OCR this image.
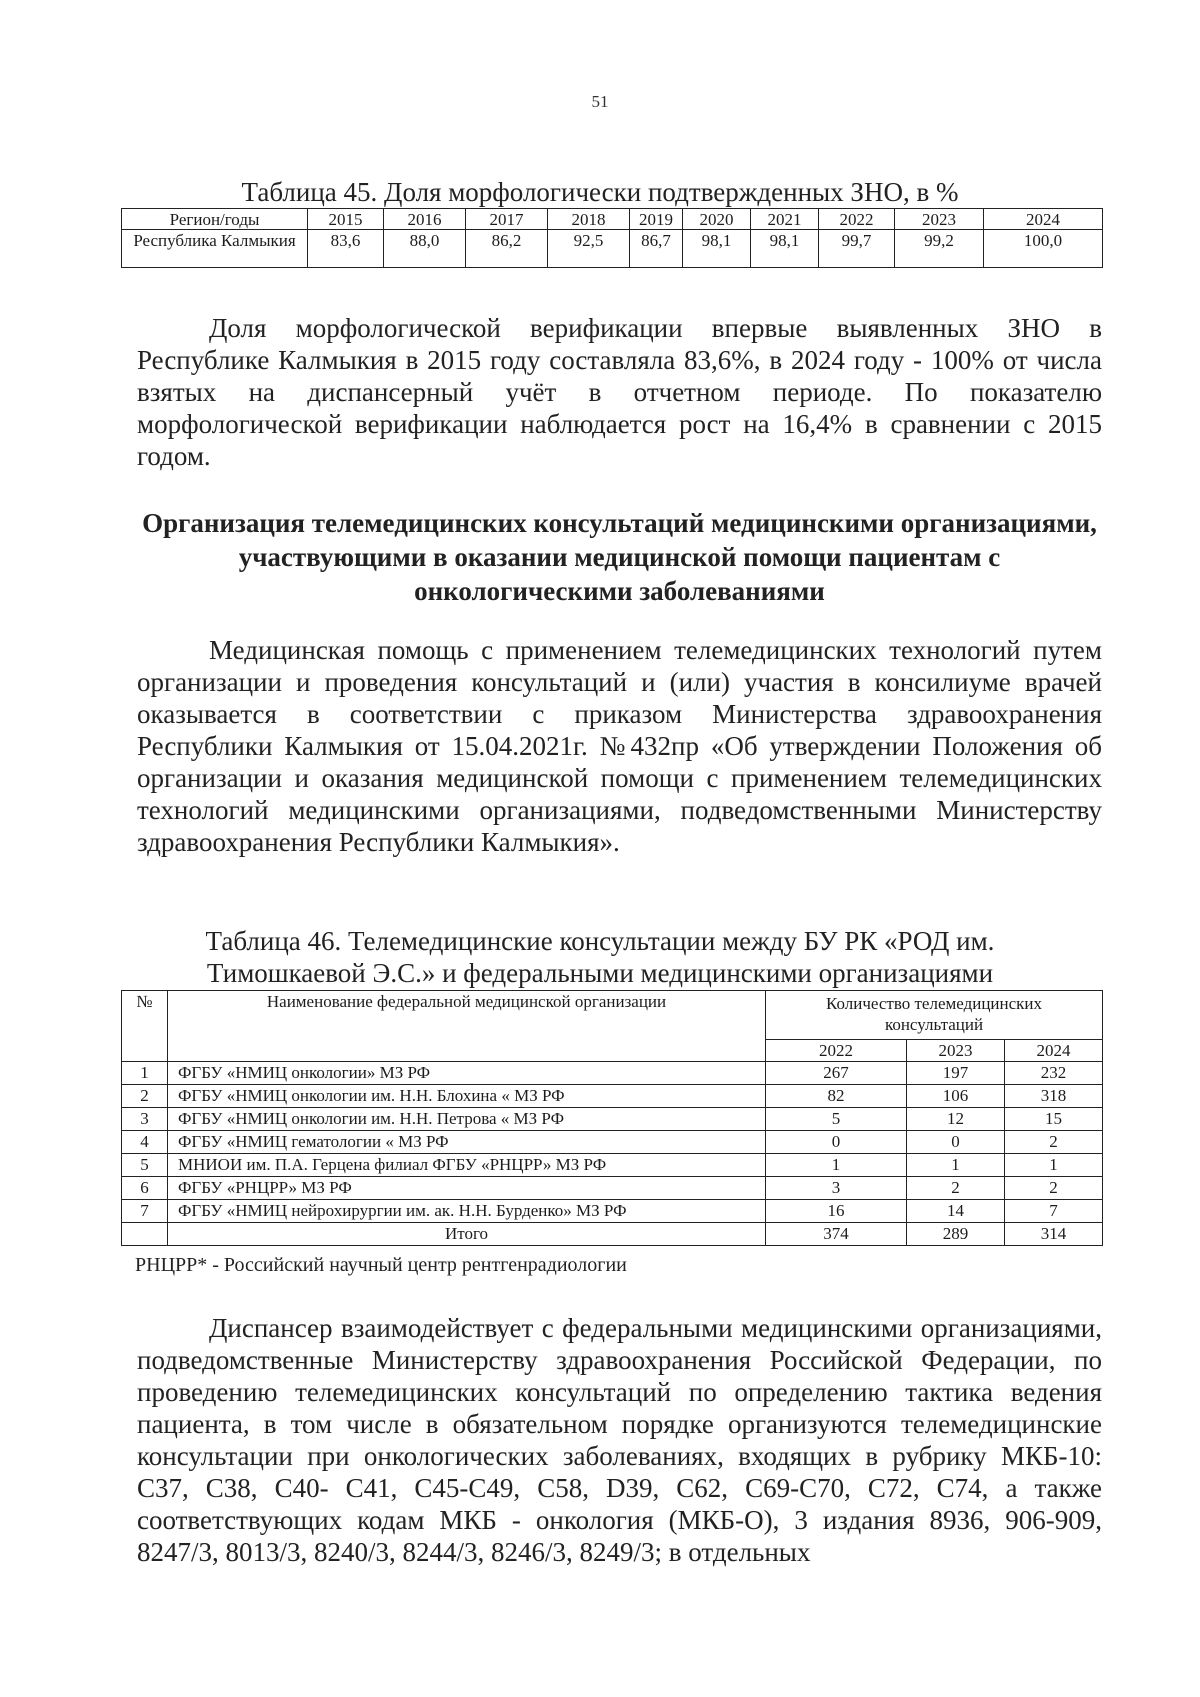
51
Таблица 45. Доля морфологически подтвержденных ЗНО, в %
Регион/годы	2015	2016	2017	2018	2019	2020	2021	2022	2023	2024
Республика Калмыкия	83,6	88,0	86,2	92,5	86,7	98,1	98,1	99,7	99,2	100,0

Доля морфологической верификации впервые выявленных ЗНО в Республике Калмыкия в 2015 году составляла 83,6%, в 2024 году - 100% от числа взятых на диспансерный учёт в отчетном периоде. По показателю морфологической верификации наблюдается рост на 16,4% в сравнении с 2015 годом.

Организация телемедицинских консультаций медицинскими организациями, участвующими в оказании медицинской помощи пациентам с онкологическими заболеваниями

Медицинская помощь с применением телемедицинских технологий путем организации и проведения консультаций и (или) участия в консилиуме врачей оказывается в соответствии с приказом Министерства здравоохранения Республики Калмыкия от 15.04.2021г. №432пр «Об утверждении Положения об организации и оказания медицинской помощи с применением телемедицинских технологий медицинскими организациями, подведомственными Министерству здравоохранения Республики Калмыкия».

Таблица 46. Телемедицинские консультации между БУ РК «РОД им. Тимошкаевой Э.С.» и федеральными медицинскими организациями
№	Наименование федеральной медицинской организации	Количество телемедицинских консультаций		
		2022	2023	2024
1	ФГБУ «НМИЦ онкологии» МЗ РФ	267	197	232
2	ФГБУ «НМИЦ онкологии им. Н.Н. Блохина « МЗ РФ	82	106	318
3	ФГБУ «НМИЦ онкологии им. Н.Н. Петрова « МЗ РФ	5	12	15
4	ФГБУ «НМИЦ гематологии « МЗ РФ	0	0	2
5	МНИОИ им. П.А. Герцена филиал ФГБУ «РНЦРР» МЗ РФ	1	1	1
6	ФГБУ «РНЦРР» МЗ РФ	3	2	2
7	ФГБУ «НМИЦ нейрохирургии им. ак. Н.Н. Бурденко» МЗ РФ	16	14	7
	Итого	374	289	314
РНЦРР* - Российский научный центр рентгенрадиологии

Диспансер взаимодействует с федеральными медицинскими организациями, подведомственные Министерству здравоохранения Российской Федерации, по проведению телемедицинских консультаций по определению тактика ведения пациента, в том числе в обязательном порядке организуются телемедицинские консультации при онкологических заболеваниях, входящих в рубрику МКБ-10: С37, С38, С40- С41, С45-С49, С58, D39, С62, С69-С70, С72, С74, а также соответствующих кодам МКБ - онкология (МКБ-О), 3 издания 8936, 906-909, 8247/3, 8013/3, 8240/3, 8244/3, 8246/3, 8249/3; в отдельных
